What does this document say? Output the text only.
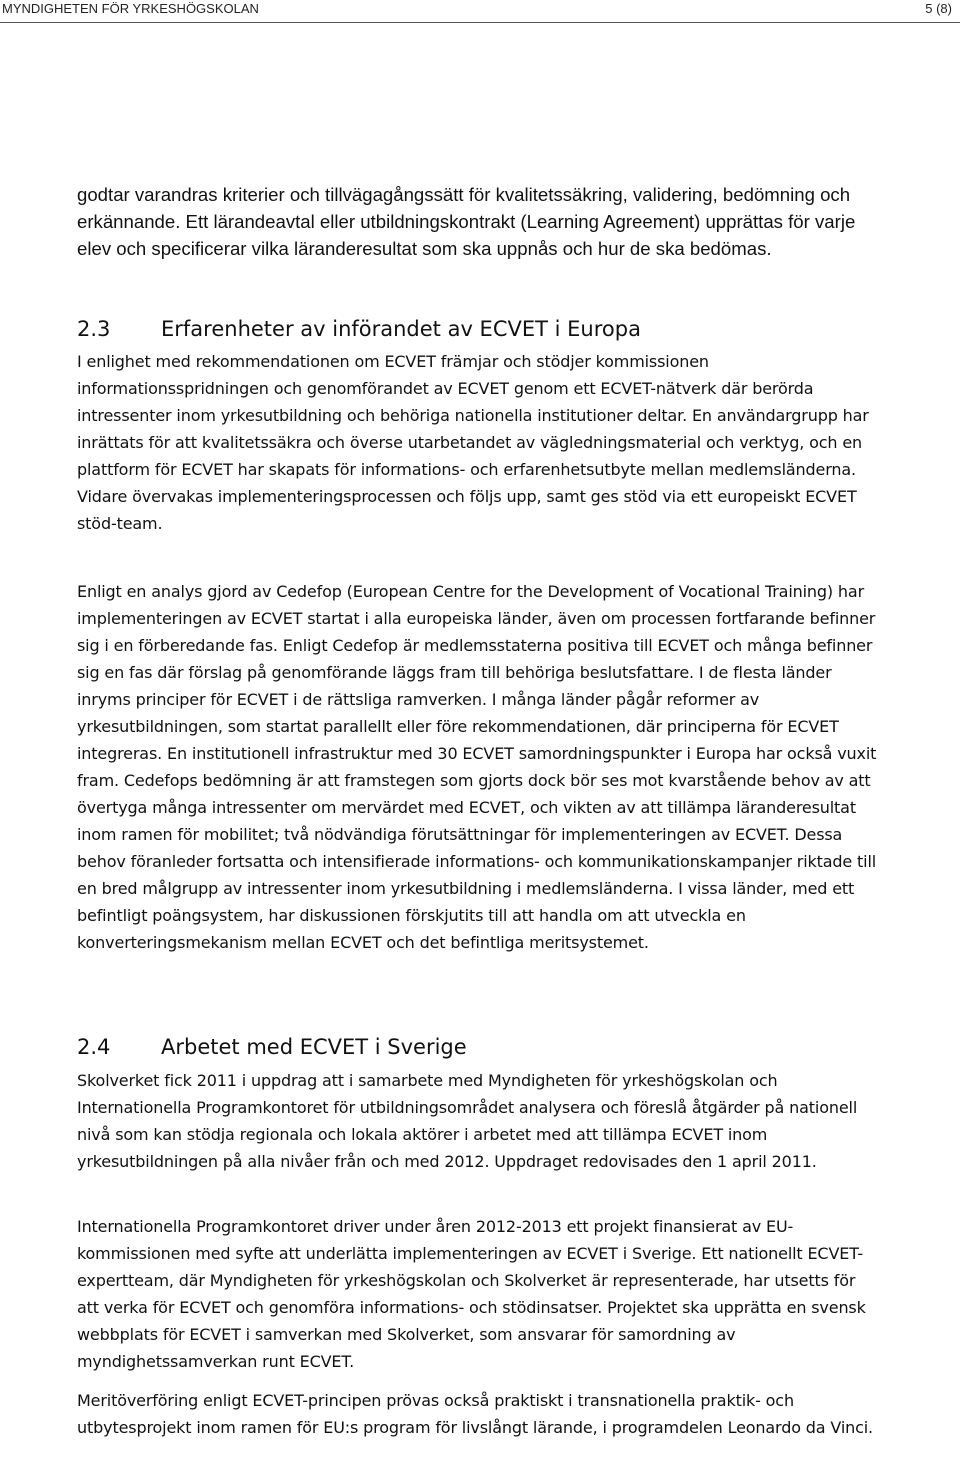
MYNDIGHETEN FÖR YRKESHÖGSKOLAN	5 (8)

godtar varandras kriterier och tillvägagångssätt för kvalitetssäkring, validering, bedömning och erkännande. Ett lärandeavtal eller utbildningskontrakt (Learning Agreement) upprättas för varje elev och specificerar vilka läranderesultat som ska uppnås och hur de ska bedömas.

2.3 Erfarenheter av införandet av ECVET i Europa

I enlighet med rekommendationen om ECVET främjar och stödjer kommissionen informationsspridningen och genomförandet av ECVET genom ett ECVET-nätverk där berörda intressenter inom yrkesutbildning och behöriga nationella institutioner deltar. En användargrupp har inrättats för att kvalitetssäkra och överse utarbetandet av vägledningsmaterial och verktyg, och en plattform för ECVET har skapats för informations- och erfarenhetsutbyte mellan medlemsländerna. Vidare övervakas implementeringsprocessen och följs upp, samt ges stöd via ett europeiskt ECVET stöd-team.

Enligt en analys gjord av Cedefop (European Centre for the Development of Vocational Training) har implementeringen av ECVET startat i alla europeiska länder, även om processen fortfarande befinner sig i en förberedande fas. Enligt Cedefop är medlemsstaterna positiva till ECVET och många befinner sig en fas där förslag på genomförande läggs fram till behöriga beslutsfattare. I de flesta länder inryms principer för ECVET i de rättsliga ramverken. I många länder pågår reformer av yrkesutbildningen, som startat parallellt eller före rekommendationen, där principerna för ECVET integreras. En institutionell infrastruktur med 30 ECVET samordningspunkter i Europa har också vuxit fram. Cedefops bedömning är att framstegen som gjorts dock bör ses mot kvarstående behov av att övertyga många intressenter om mervärdet med ECVET, och vikten av att tillämpa läranderesultat inom ramen för mobilitet; två nödvändiga förutsättningar för implementeringen av ECVET. Dessa behov föranleder fortsatta och intensifierade informations- och kommunikationskampanjer riktade till en bred målgrupp av intressenter inom yrkesutbildning i medlemsländerna. I vissa länder, med ett befintligt poängsystem, har diskussionen förskjutits till att handla om att utveckla en konverteringsmekanism mellan ECVET och det befintliga meritsystemet.

2.4 Arbetet med ECVET i Sverige

Skolverket fick 2011 i uppdrag att i samarbete med Myndigheten för yrkeshögskolan och Internationella Programkontoret för utbildningsområdet analysera och föreslå åtgärder på nationell nivå som kan stödja regionala och lokala aktörer i arbetet med att tillämpa ECVET inom yrkesutbildningen på alla nivåer från och med 2012. Uppdraget redovisades den 1 april 2011.

Internationella Programkontoret driver under åren 2012-2013 ett projekt finansierat av EU-kommissionen med syfte att underlätta implementeringen av ECVET i Sverige. Ett nationellt ECVET-expertteam, där Myndigheten för yrkeshögskolan och Skolverket är representerade, har utsetts för att verka för ECVET och genomföra informations- och stödinsatser. Projektet ska upprätta en svensk webbplats för ECVET i samverkan med Skolverket, som ansvarar för samordning av myndighetssamverkan runt ECVET.

Meritöverföring enligt ECVET-principen prövas också praktiskt i transnationella praktik- och utbytesprojekt inom ramen för EU:s program för livslångt lärande, i programdelen Leonardo da Vinci.
